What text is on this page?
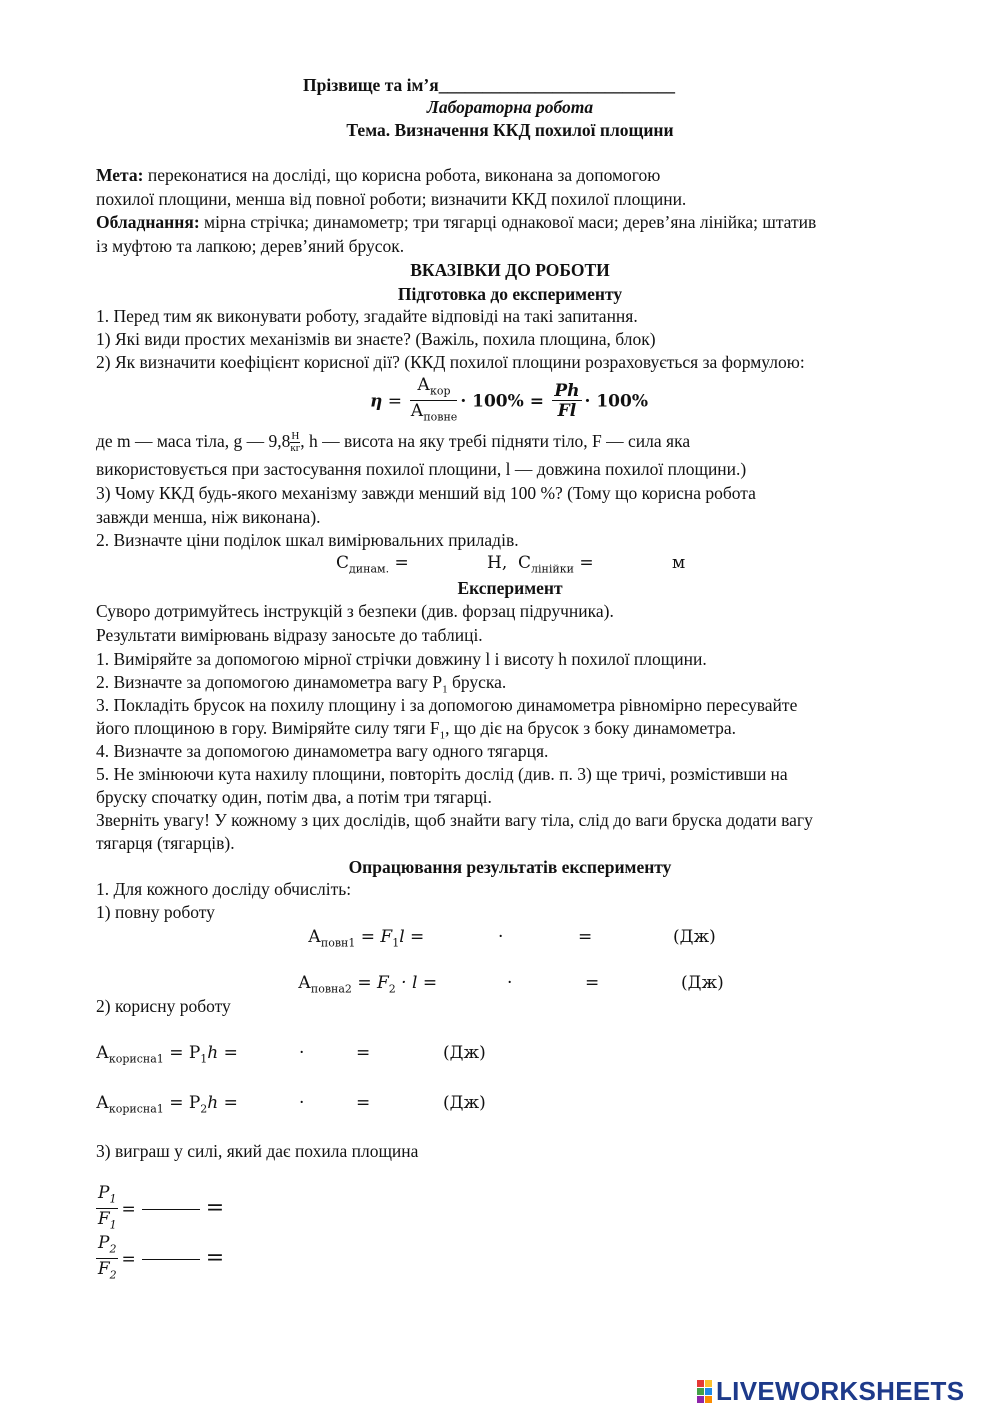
Прізвище та ім’я___________________________
Лабораторна робота
Тема. Визначення ККД похилої площини
Мета: переконатися на досліді, що корисна робота, виконана за допомогою
похилої площини, менша від повної роботи; визначити ККД похилої площини.
Обладнання: мірна стрічка; динамометр; три тягарці однакової маси; дерев’яна лінійка; штатив
із муфтою та лапкою; дерев’яний брусок.
ВКАЗІВКИ ДО РОБОТИ
Підготовка до експерименту
1. Перед тим як виконувати роботу, згадайте відповіді на такі запитання.
1) Які види простих механізмів ви знаєте? (Важіль, похила площина, блок)
2) Як визначити коефіцієнт корисної дії? (ККД похилої площини розраховується за формулою:
$\eta = \frac{А_{кор}}{А_{повне}} \cdot 100\% = \frac{Ph}{Fl} \cdot 100\%$
де m — маса тіла, g — $9,8 \frac{Н}{кг}$, h — висота на яку требі підняти тіло, F — сила яка
використовується при застосування похилої площини, l — довжина похилої площини.)
3) Чому ККД будь-якого механізму завжди менший від 100 %? (Тому що корисна робота
завжди менша, ніж виконана).
2. Визначте ціни поділок шкал вимірювальних приладів.
$С_{динам.}$ =	Н, $С_{лінійки}$ =	м
Експеримент
Суворо дотримуйтесь інструкцій з безпеки (див. форзац підручника).
Результати вимірювань відразу заносьте до таблиці.
1. Виміряйте за допомогою мірної стрічки довжину l і висоту h похилої площини.
2. Визначте за допомогою динамометра вагу $Р_1$ бруска.
3. Покладіть брусок на похилу площину і за допомогою динамометра рівномірно пересувайте
його площиною в гору. Виміряйте силу тяги $F_1$, що діє на брусок з боку динамометра.
4. Визначте за допомогою динамометра вагу одного тягарця.
5. Не змінюючи кута нахилу площини, повторіть дослід (див. п. 3) ще тричі, розмістивши на
бруску спочатку один, потім два, а потім три тягарці.
Зверніть увагу! У кожному з цих дослідів, щоб знайти вагу тіла, слід до ваги бруска додати вагу
тягарця (тягарців).
Опрацювання результатів експерименту
1. Для кожного досліду обчисліть:
1) повну роботу
$А_{повн1} = F_1l$ =	·	=	(Дж)
$А_{повна2} = F_2 \cdot l$ =	·	=	(Дж)
2) корисну роботу
$А_{корисна1} = Р_1h$ =	·	=	(Дж)
$А_{корисна1} = Р_2h$ =	·	=	(Дж)
3) виграш у силі, який дає похила площина
$\frac{P_1}{F_1}$ =	=
$\frac{P_2}{F_2}$ =	=
LIVEWORKSHEETS
